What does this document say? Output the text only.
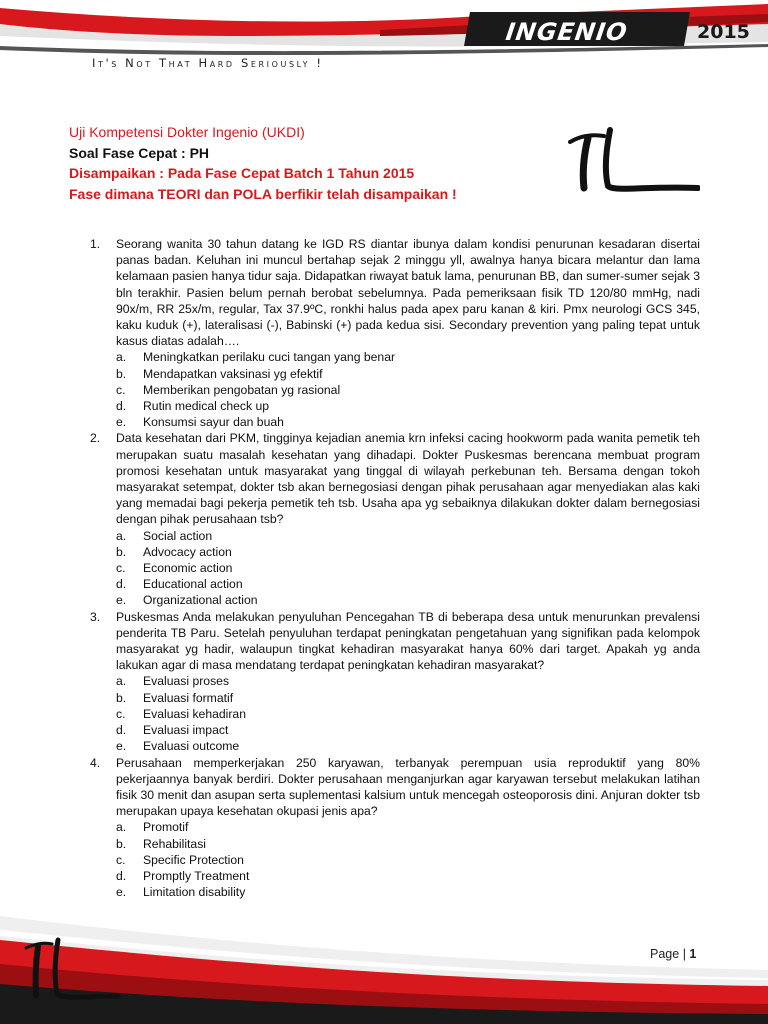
INGENIO	2015
It's Not That Hard Seriously !
Uji Kompetensi Dokter Ingenio (UKDI)
Soal Fase Cepat : PH
Disampaikan : Pada Fase Cepat Batch 1 Tahun 2015
Fase dimana TEORI dan POLA berfikir telah disampaikan !
1.	Seorang wanita 30 tahun datang ke IGD RS diantar ibunya dalam kondisi penurunan kesadaran disertai panas badan. Keluhan ini muncul bertahap sejak 2 minggu yll, awalnya hanya bicara melantur dan lama kelamaan pasien hanya tidur saja. Didapatkan riwayat batuk lama, penurunan BB, dan sumer-sumer sejak 3 bln terakhir. Pasien belum pernah berobat sebelumnya. Pada pemeriksaan fisik TD 120/80 mmHg, nadi 90x/m, RR 25x/m, regular, Tax 37.9ºC, ronkhi halus pada apex paru kanan & kiri. Pmx neurologi GCS 345, kaku kuduk (+), lateralisasi (-), Babinski (+) pada kedua sisi. Secondary prevention yang paling tepat untuk kasus diatas adalah….
a.	Meningkatkan perilaku cuci tangan yang benar
b.	Mendapatkan vaksinasi yg efektif
c.	Memberikan pengobatan yg rasional
d.	Rutin medical check up
e.	Konsumsi sayur dan buah
2.	Data kesehatan dari PKM, tingginya kejadian anemia krn infeksi cacing hookworm pada wanita pemetik teh merupakan suatu masalah kesehatan yang dihadapi. Dokter Puskesmas berencana membuat program promosi kesehatan untuk masyarakat yang tinggal di wilayah perkebunan teh. Bersama dengan tokoh masyarakat setempat, dokter tsb akan bernegosiasi dengan pihak perusahaan agar menyediakan alas kaki yang memadai bagi pekerja pemetik teh tsb. Usaha apa yg sebaiknya dilakukan dokter dalam bernegosiasi dengan pihak perusahaan tsb?
a.	Social action
b.	Advocacy action
c.	Economic action
d.	Educational action
e.	Organizational action
3.	Puskesmas Anda melakukan penyuluhan Pencegahan TB di beberapa desa untuk menurunkan prevalensi penderita TB Paru. Setelah penyuluhan terdapat peningkatan pengetahuan yang signifikan pada kelompok masyarakat yg hadir, walaupun tingkat kehadiran masyarakat hanya 60% dari target. Apakah yg anda lakukan agar di masa mendatang terdapat peningkatan kehadiran masyarakat?
a.	Evaluasi proses
b.	Evaluasi formatif
c.	Evaluasi kehadiran
d.	Evaluasi impact
e.	Evaluasi outcome
4.	Perusahaan memperkerjakan 250 karyawan, terbanyak perempuan usia reproduktif yang 80% pekerjaannya banyak berdiri. Dokter perusahaan menganjurkan agar karyawan tersebut melakukan latihan fisik 30 menit dan asupan serta suplementasi kalsium untuk mencegah osteoporosis dini. Anjuran dokter tsb merupakan upaya kesehatan okupasi jenis apa?
a.	Promotif
b.	Rehabilitasi
c.	Specific Protection
d.	Promptly Treatment
e.	Limitation disability
Page | 1
